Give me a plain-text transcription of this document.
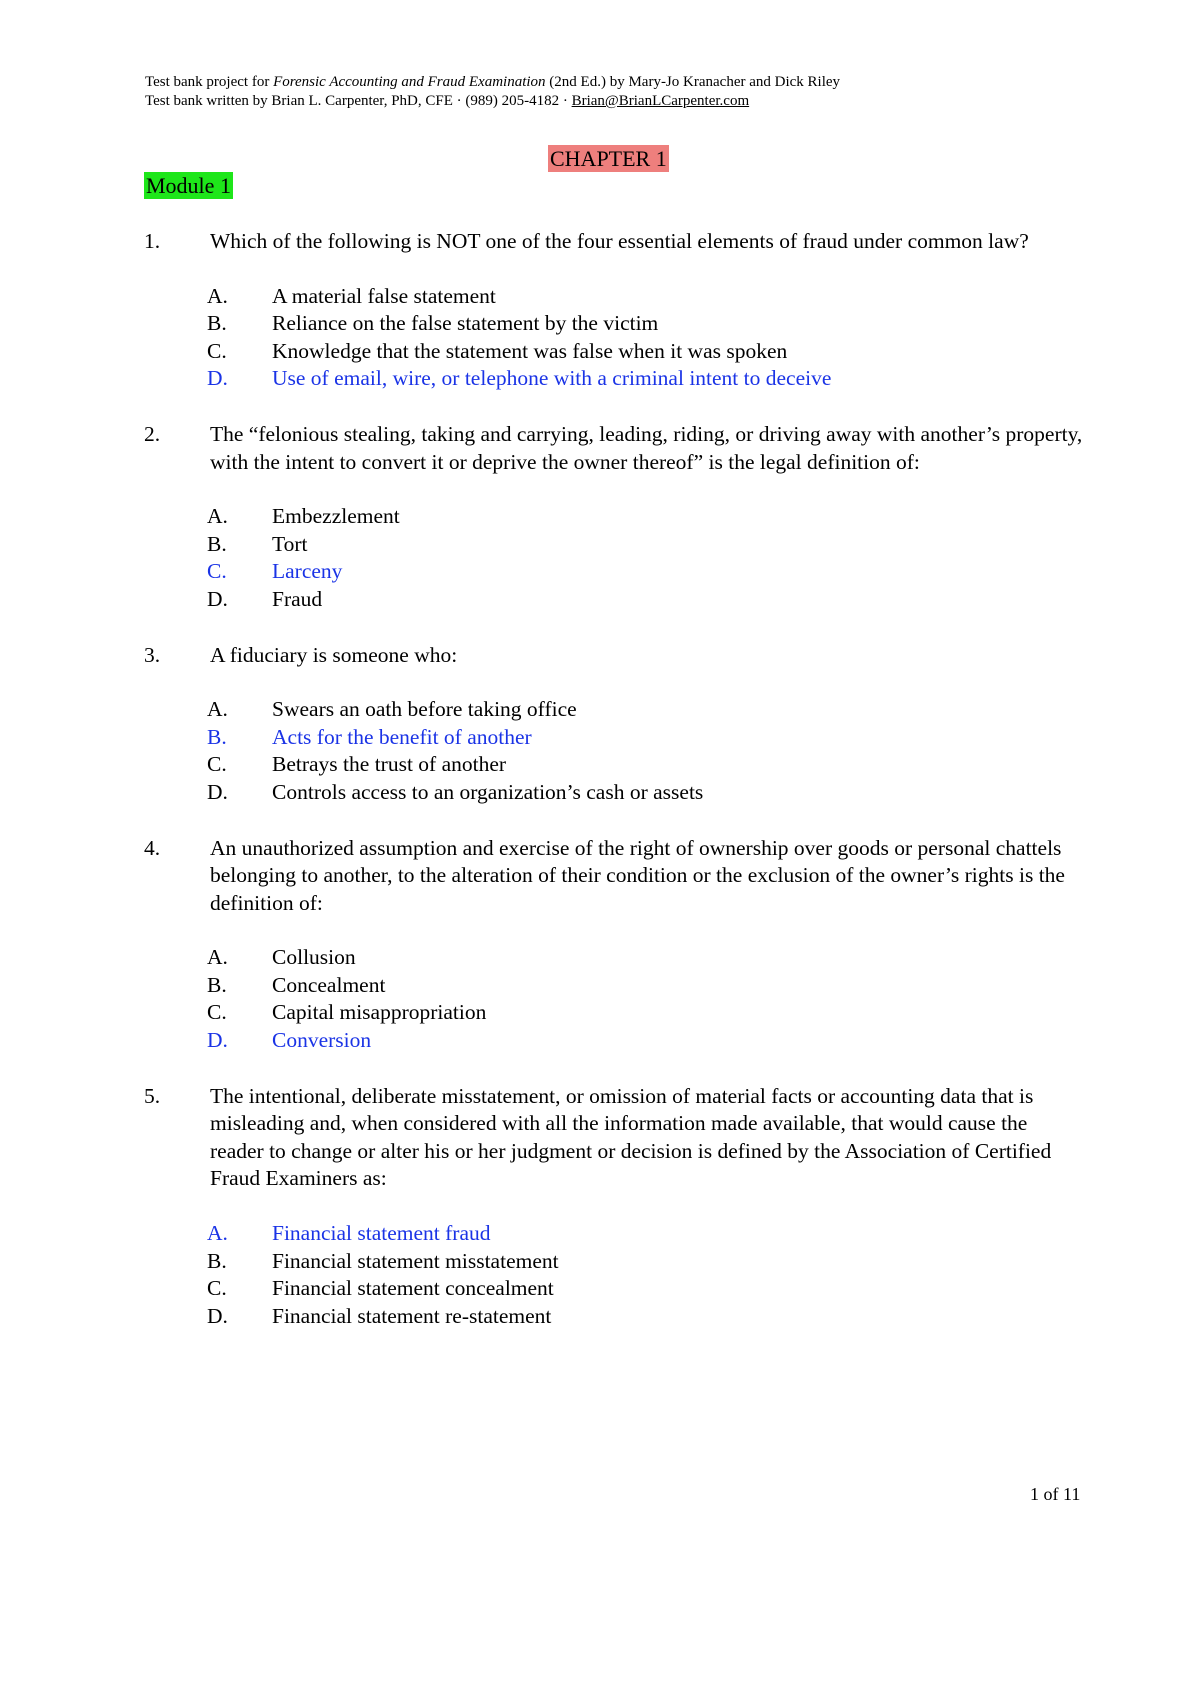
Test bank project for Forensic Accounting and Fraud Examination (2nd Ed.) by Mary-Jo Kranacher and Dick Riley
Test bank written by Brian L. Carpenter, PhD, CFE · (989) 205-4182 · Brian@BrianLCarpenter.com
CHAPTER 1
Module 1
1. Which of the following is NOT one of the four essential elements of fraud under common law?
A. A material false statement
B. Reliance on the false statement by the victim
C. Knowledge that the statement was false when it was spoken
D. Use of email, wire, or telephone with a criminal intent to deceive
2. The “felonious stealing, taking and carrying, leading, riding, or driving away with another’s property, with the intent to convert it or deprive the owner thereof” is the legal definition of:
A. Embezzlement
B. Tort
C. Larceny
D. Fraud
3. A fiduciary is someone who:
A. Swears an oath before taking office
B. Acts for the benefit of another
C. Betrays the trust of another
D. Controls access to an organization’s cash or assets
4. An unauthorized assumption and exercise of the right of ownership over goods or personal chattels belonging to another, to the alteration of their condition or the exclusion of the owner’s rights is the definition of:
A. Collusion
B. Concealment
C. Capital misappropriation
D. Conversion
5. The intentional, deliberate misstatement, or omission of material facts or accounting data that is misleading and, when considered with all the information made available, that would cause the reader to change or alter his or her judgment or decision is defined by the Association of Certified Fraud Examiners as:
A. Financial statement fraud
B. Financial statement misstatement
C. Financial statement concealment
D. Financial statement re-statement
1 of 11
